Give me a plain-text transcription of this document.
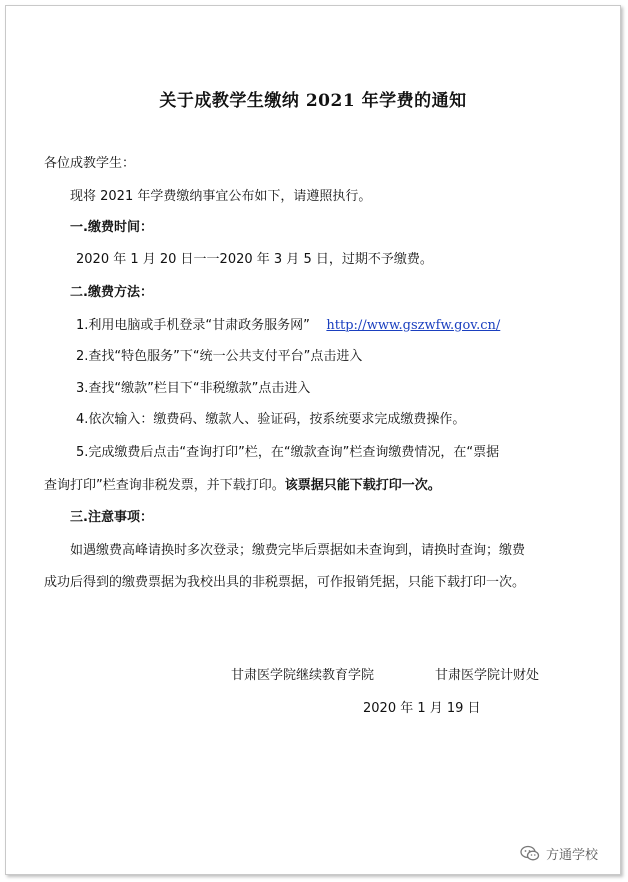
关于成教学生缴纳 2021 年学费的通知
各位成教学生：
现将 2021 年学费缴纳事宜公布如下，请遵照执行。
一.缴费时间：
2020 年 1 月 20 日一一2020 年 3 月 5 日，过期不予缴费。
二.缴费方法：
1.利用电脑或手机登录“甘肃政务服务网” http://www.gszwfw.gov.cn/
2.查找“特色服务”下“统一公共支付平台”点击进入
3.查找“缴款”栏目下“非税缴款”点击进入
4.依次输入：缴费码、缴款人、验证码，按系统要求完成缴费操作。
5.完成缴费后点击“查询打印”栏，在“缴款查询”栏查询缴费情况，在“票据
查询打印”栏查询非税发票，并下载打印。该票据只能下载打印一次。
三.注意事项：
如遇缴费高峰请换时多次登录；缴费完毕后票据如未查询到，请换时查询；缴费
成功后得到的缴费票据为我校出具的非税票据，可作报销凭据，只能下载打印一次。
甘肃医学院继续教育学院	甘肃医学院计财处
2020 年 1 月 19 日
方通学校
